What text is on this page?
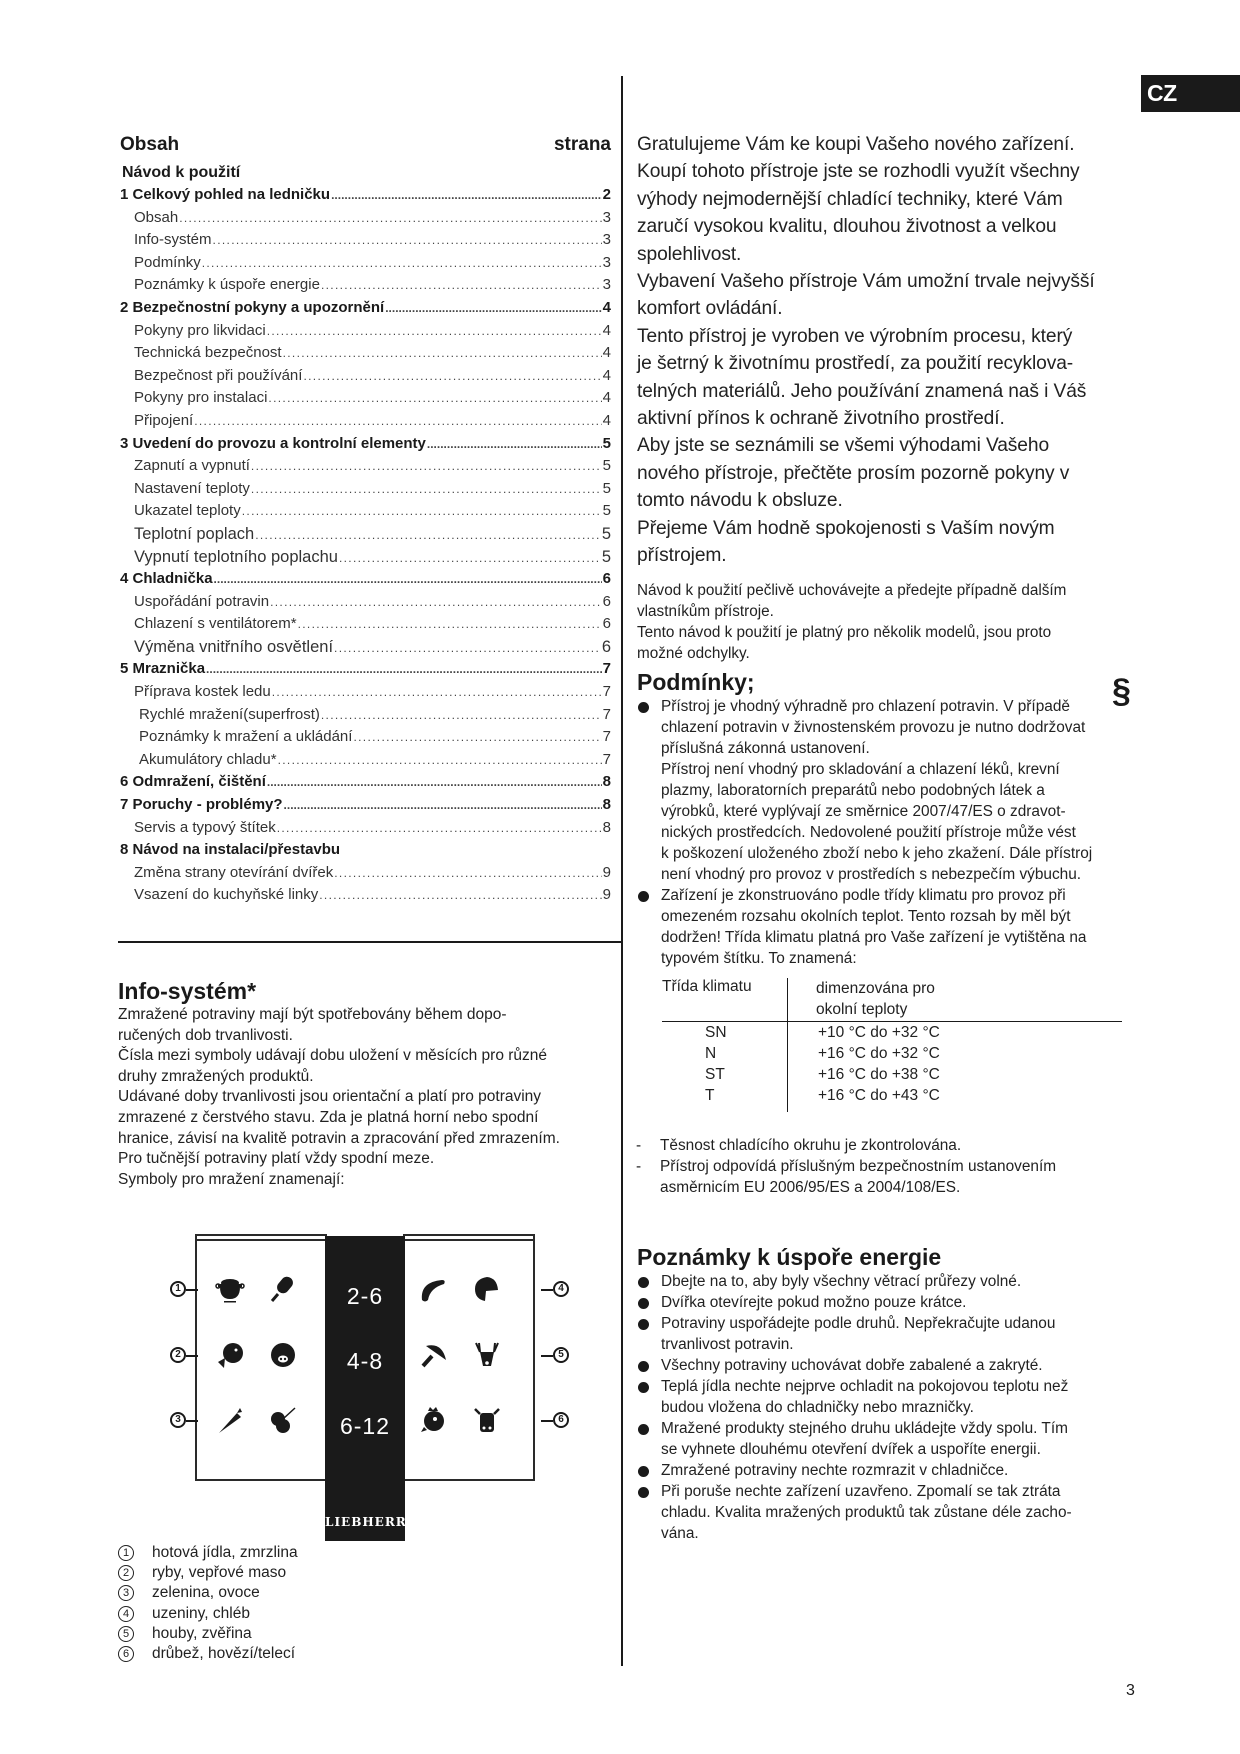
CZ
Obsah	strana
Návod k použití
1 Celkový pohled na ledničku .....	2
Obsah . . .	3
Info-systém . . .	3
Podmínky . . .	3
Poznámky k úspoře energie . . .	3
2 Bezpečnostní pokyny a upozornění .....	4
Pokyny pro likvidaci . . .	4
Technická bezpečnost . . .	4
Bezpečnost při používání . . .	4
Pokyny pro instalaci . . .	4
Připojení . . .	4
3 Uvedení do provozu a kontrolní elementy .....	5
Zapnutí a vypnutí . . .	5
Nastavení teploty . . .	5
Ukazatel teploty . . .	5
Teplotní poplach . . .	5
Vypnutí teplotního poplachu . . .	5
4 Chladnička .....	6
Uspořádání potravin . . .	6
Chlazení s ventilátorem* . . .	6
Výměna vnitřního osvětlení . . .	6
5 Mraznička .....	7
Příprava kostek ledu . . .	7
Rychlé mražení(superfrost) . . .	7
Poznámky k mražení a ukládání . . .	7
Akumulátory chladu* . . .	7
6 Odmražení, čištění .....	8
7 Poruchy - problémy? .....	8
Servis a typový štítek . . .	8
8 Návod na instalaci/přestavbu
Změna strany otevírání dvířek . . .	9
Vsazení do kuchyňské linky . . .	9
Info-systém*

Zmražené potraviny mají být spotřebovány během dopo-
ručených dob trvanlivosti.
Čísla mezi symboly udávají dobu uložení v měsících pro různé
druhy zmražených produktů.
Udávané doby trvanlivosti jsou orientační a platí pro potraviny
zmrazené z čerstvého stavu. Zda je platná horní nebo spodní
hranice, závisí na kvalitě potravin a zpracování před zmrazením.
Pro tučnější potraviny platí vždy spodní meze.
Symboly pro mražení znamenají:

2-6
4-8
6-12
LIEBHERR
1
2
3
4
5
6
1	hotová jídla, zmrzlina
2	ryby, vepřové maso
3	zelenina, ovoce
4	uzeniny, chléb
5	houby, zvěřina
6	drůbež, hovězí/telecí

Gratulujeme Vám ke koupi Vašeho nového zařízení.
Koupí tohoto přístroje jste se rozhodli využít všechny
výhody nejmodernější chladící techniky, které Vám
zaručí vysokou kvalitu, dlouhou životnost a velkou
spolehlivost.
Vybavení Vašeho přístroje Vám umožní trvale nejvyšší
komfort ovládání.
Tento přístroj je vyroben ve výrobním procesu, který
je šetrný k životnímu prostředí, za použití recyklova-
telných materiálů. Jeho používání znamená naš i Váš
aktivní přínos k ochraně životního prostředí.
Aby jste se seznámili se všemi výhodami Vašeho
nového přístroje, přečtěte prosím pozorně pokyny v
tomto návodu k obsluze.
Přejeme Vám hodně spokojenosti s Vaším novým
přístrojem.

Návod k použití pečlivě uchovávejte a předejte případně dalším
vlastníkům přístroje.
Tento návod k použití je platný pro několik modelů, jsou proto
možné odchylky.

§
Podmínky;
Přístroj je vhodný výhradně pro chlazení potravin. V případě
chlazení potravin v živnostenském provozu je nutno dodržovat
příslušná zákonná ustanovení.
Přístroj není vhodný pro skladování a chlazení léků, krevní
plazmy, laboratorních preparátů nebo podobných látek a
výrobků, které vyplývají ze směrnice 2007/47/ES o zdravot-
nických prostředcích. Nedovolené použití přístroje může vést
k poškození uloženého zboží nebo k jeho zkažení. Dále přístroj
není vhodný pro provoz v prostředích s nebezpečím výbuchu.
Zařízení je zkonstruováno podle třídy klimatu pro provoz při
omezeném rozsahu okolních teplot. Tento rozsah by měl být
dodržen! Třída klimatu platná pro Vaše zařízení je vytištěna na
typovém štítku. To znamená:
Třída klimatu	dimenzována pro
okolní teploty
SN	+10 °C do +32 °C
N	+16 °C do +32 °C
ST	+16 °C do +38 °C
T	+16 °C do +43 °C
- Těsnost chladícího okruhu je zkontrolována.
- Přístroj odpovídá příslušným bezpečnostním ustanovením asměrnicím EU 2006/95/ES a 2004/108/ES.
Poznámky k úspoře energie
Dbejte na to, aby byly všechny větrací průřezy volné.
Dvířka otevírejte pokud možno pouze krátce.
Potraviny uspořádejte podle druhů. Nepřekračujte udanou
trvanlivost potravin.
Všechny potraviny uchovávat dobře zabalené a zakryté.
Teplá jídla nechte nejprve ochladit na pokojovou teplotu než
budou vložena do chladničky nebo mrazničky.
Mražené produkty stejného druhu ukládejte vždy spolu. Tím
se vyhnete dlouhému otevření dvířek a uspoříte energii.
Zmražené potraviny nechte rozmrazit v chladničce.
Při poruše nechte zařízení uzavřeno. Zpomalí se tak ztráta
chladu. Kvalita mražených produktů tak zůstane déle zacho-
vána.
3
